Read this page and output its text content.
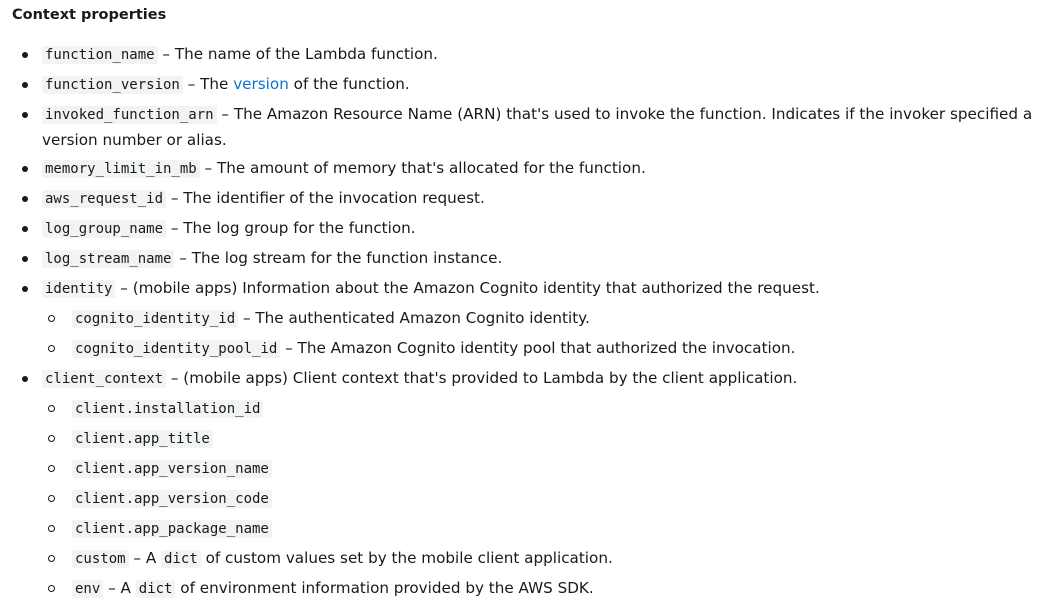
Context properties
function_name – The name of the Lambda function.
function_version – The version of the function.
invoked_function_arn – The Amazon Resource Name (ARN) that's used to invoke the function. Indicates if the invoker specified a version number or alias.
memory_limit_in_mb – The amount of memory that's allocated for the function.
aws_request_id – The identifier of the invocation request.
log_group_name – The log group for the function.
log_stream_name – The log stream for the function instance.
identity – (mobile apps) Information about the Amazon Cognito identity that authorized the request.
cognito_identity_id – The authenticated Amazon Cognito identity.
cognito_identity_pool_id – The Amazon Cognito identity pool that authorized the invocation.
client_context – (mobile apps) Client context that's provided to Lambda by the client application.
client.installation_id
client.app_title
client.app_version_name
client.app_version_code
client.app_package_name
custom – A dict of custom values set by the mobile client application.
env – A dict of environment information provided by the AWS SDK.
